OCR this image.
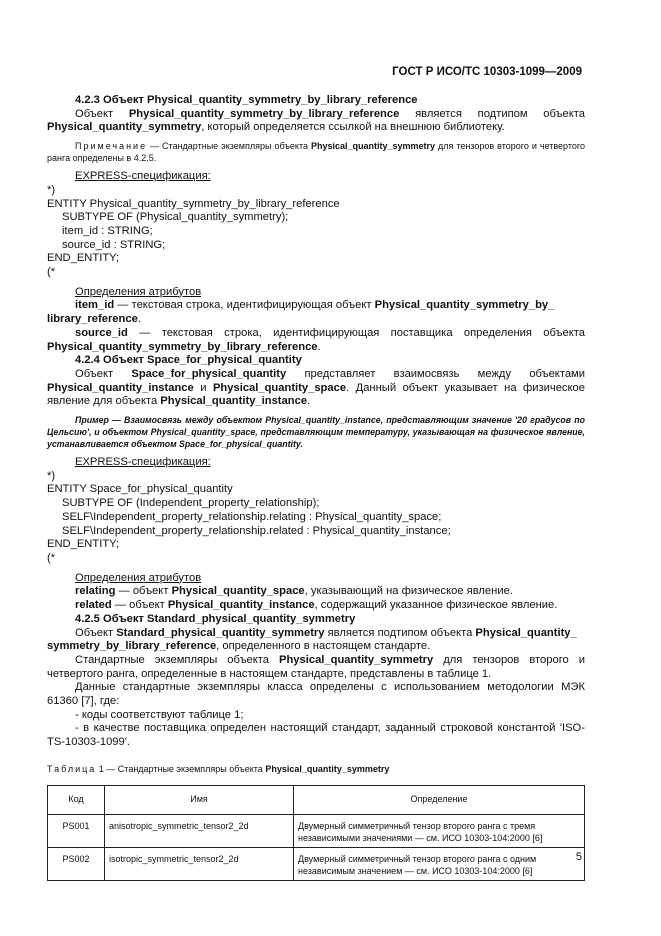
ГОСТ Р ИСО/ТС 10303-1099—2009

4.2.3 Объект Physical_quantity_symmetry_by_library_reference

Объект Physical_quantity_symmetry_by_library_reference является подтипом объекта Physical_quantity_symmetry, который определяется ссылкой на внешнюю библиотеку.

Примечание — Стандартные экземпляры объекта Physical_quantity_symmetry для тензоров второго и четвертого ранга определены в 4.2.5.

EXPRESS-спецификация:

*)
ENTITY Physical_quantity_symmetry_by_library_reference
SUBTYPE OF (Physical_quantity_symmetry);
item_id : STRING;
source_id : STRING;
END_ENTITY;
(*

Определения атрибутов

item_id — текстовая строка, идентифицирующая объект Physical_quantity_symmetry_by_
library_reference.

source_id — текстовая строка, идентифицирующая поставщика определения объекта Physical_quantity_symmetry_by_library_reference.

4.2.4 Объект Space_for_physical_quantity

Объект Space_for_physical_quantity представляет взаимосвязь между объектами Physical_quantity_instance и Physical_quantity_space. Данный объект указывает на физическое явление для объекта Physical_quantity_instance.

Пример — Взаимосвязь между объектом Physical_quantity_instance, представляющим значение '20 градусов по Цельсию', и объектом Physical_quantity_space, представляющим температуру, указывающая на физическое явление, устанавливается объектом Space_for_physical_quantity.

EXPRESS-спецификация:

*)
ENTITY Space_for_physical_quantity
SUBTYPE OF (Independent_property_relationship);
SELF\Independent_property_relationship.relating : Physical_quantity_space;
SELF\Independent_property_relationship.related : Physical_quantity_instance;
END_ENTITY;
(*

Определения атрибутов

relating — объект Physical_quantity_space, указывающий на физическое явление.

related — объект Physical_quantity_instance, содержащий указанное физическое явление.

4.2.5 Объект Standard_physical_quantity_symmetry

Объект Standard_physical_quantity_symmetry является подтипом объекта Physical_quantity_
symmetry_by_library_reference, определенного в настоящем стандарте.

Стандартные экземпляры объекта Physical_quantity_symmetry для тензоров второго и четвертого ранга, определенные в настоящем стандарте, представлены в таблице 1.

Данные стандартные экземпляры класса определены с использованием методологии МЭК 61360 [7], где:

- коды соответствуют таблице 1;

- в качестве поставщика определен настоящий стандарт, заданный строковой константой 'ISO-TS-10303-1099'.

Таблица 1 — Стандартные экземпляры объекта Physical_quantity_symmetry
Код	Имя	Определение
PS001	anisotropic_symmetric_tensor2_2d	Двумерный симметричный тензор второго ранга с тремя независимыми значениями — см. ИСО 10303-104:2000 [6]
PS002	isotropic_symmetric_tensor2_2d	Двумерный симметричный тензор второго ранга с одним независимым значением — см. ИСО 10303-104:2000 [6]
5
